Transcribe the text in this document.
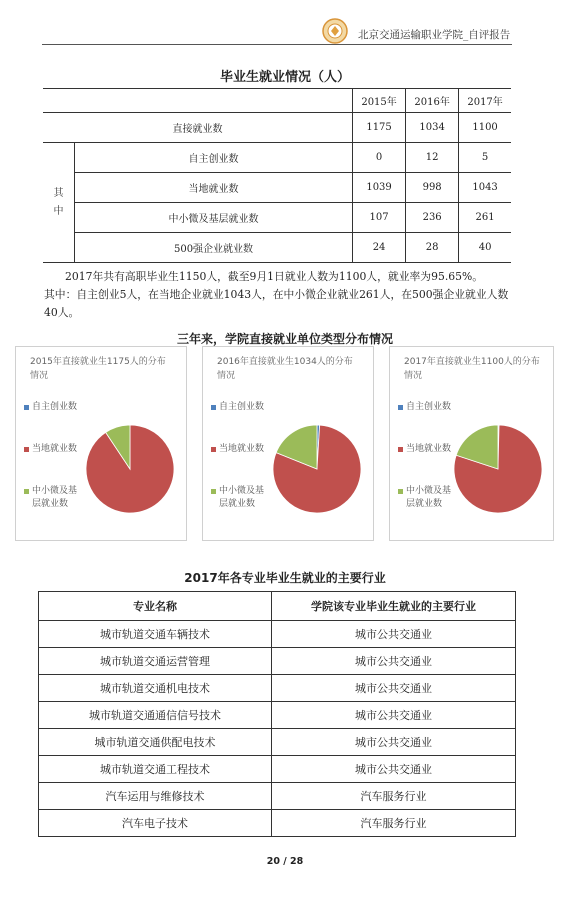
北京交通运输职业学院_自评报告
毕业生就业情况（人）
		2015年	2016年	2017年
直接就业数		1175	1034	1100
其
中	自主创业数	0	12	5
	当地就业数	1039	998	1043
	中小微及基层就业数	107	236	261
	500强企业就业数	24	28	40

2017年共有高职毕业生1150人，截至9月1日就业人数为1100人，就业率为95.65%。

其中：自主创业5人，在当地企业就业1043人，在中小微企业就业261人，在500强企业就业人数40人。

三年来，学院直接就业单位类型分布情况
2015年直接就业生1175人的分布情况
自主创业数
当地就业数
中小微及基层就业数
2016年直接就业生1034人的分布情况
自主创业数
当地就业数
中小微及基层就业数
2017年直接就业生1100人的分布情况
自主创业数
当地就业数
中小微及基层就业数
2017年各专业毕业生就业的主要行业
专业名称	学院该专业毕业生就业的主要行业
城市轨道交通车辆技术	城市公共交通业
城市轨道交通运营管理	城市公共交通业
城市轨道交通机电技术	城市公共交通业
城市轨道交通通信信号技术	城市公共交通业
城市轨道交通供配电技术	城市公共交通业
城市轨道交通工程技术	城市公共交通业
汽车运用与维修技术	汽车服务行业
汽车电子技术	汽车服务行业
20 / 28
